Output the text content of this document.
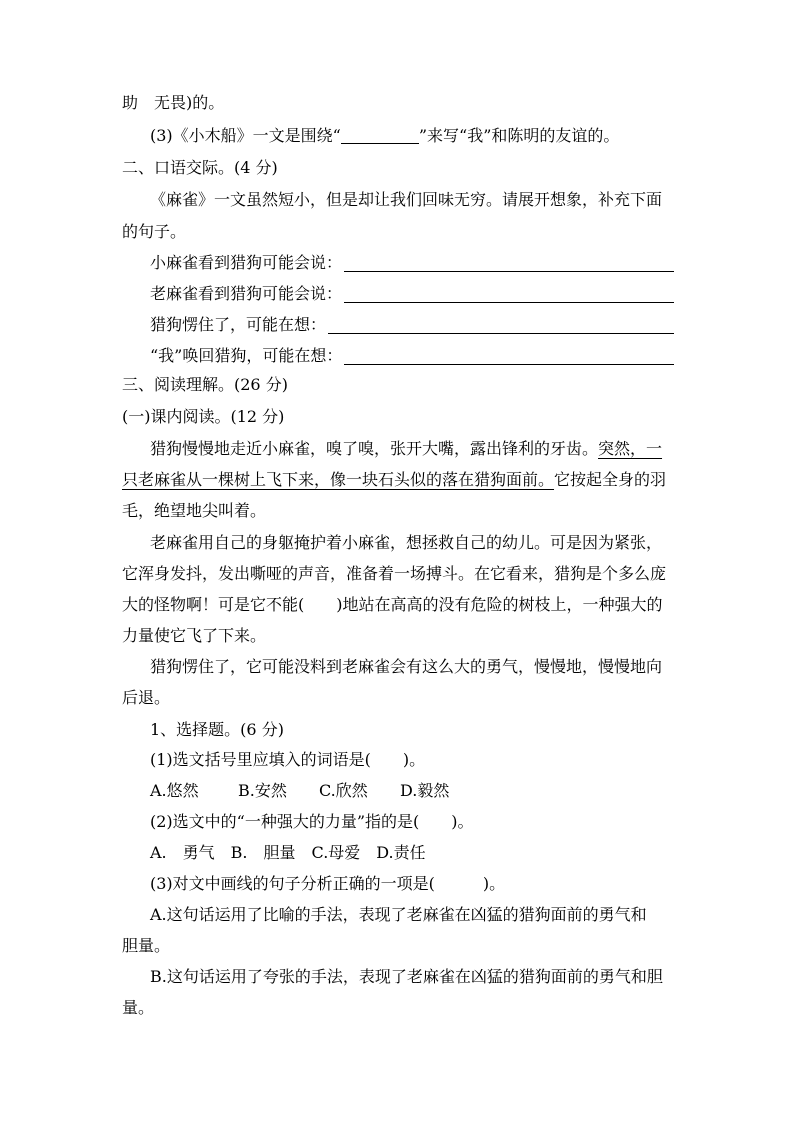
助　无畏)的。
(3)《小木船》一文是围绕“	”来写“我”和陈明的友谊的。
二、口语交际。(4 分)
《麻雀》一文虽然短小，但是却让我们回味无穷。请展开想象，补充下面
的句子。
小麻雀看到猎狗可能会说：
老麻雀看到猎狗可能会说：
猎狗愣住了，可能在想：
“我”唤回猎狗，可能在想：
三、阅读理解。(26 分)
(一)课内阅读。(12 分)
猎狗慢慢地走近小麻雀，嗅了嗅，张开大嘴，露出锋利的牙齿。突然，一
只老麻雀从一棵树上飞下来，像一块石头似的落在猎狗面前。它按起全身的羽
毛，绝望地尖叫着。
老麻雀用自己的身躯掩护着小麻雀，想拯救自己的幼儿。可是因为紧张，
它浑身发抖，发出嘶哑的声音，准备着一场搏斗。在它看来，猎狗是个多么庞
大的怪物啊！可是它不能(　　)地站在高高的没有危险的树枝上，一种强大的
力量使它飞了下来。
猎狗愣住了，它可能没料到老麻雀会有这么大的勇气，慢慢地，慢慢地向
后退。
1、选择题。(6 分)
(1)选文括号里应填入的词语是(　　)。
A.悠然	B.安然	C.欣然	D.毅然
(2)选文中的“一种强大的力量”指的是(　　)。
A.　勇气 B.　胆量 C.母爱 D.责任
(3)对文中画线的句子分析正确的一项是(　　　)。
A.这句话运用了比喻的手法，表现了老麻雀在凶猛的猎狗面前的勇气和
胆量。
B.这句话运用了夸张的手法，表现了老麻雀在凶猛的猎狗面前的勇气和胆
量。
